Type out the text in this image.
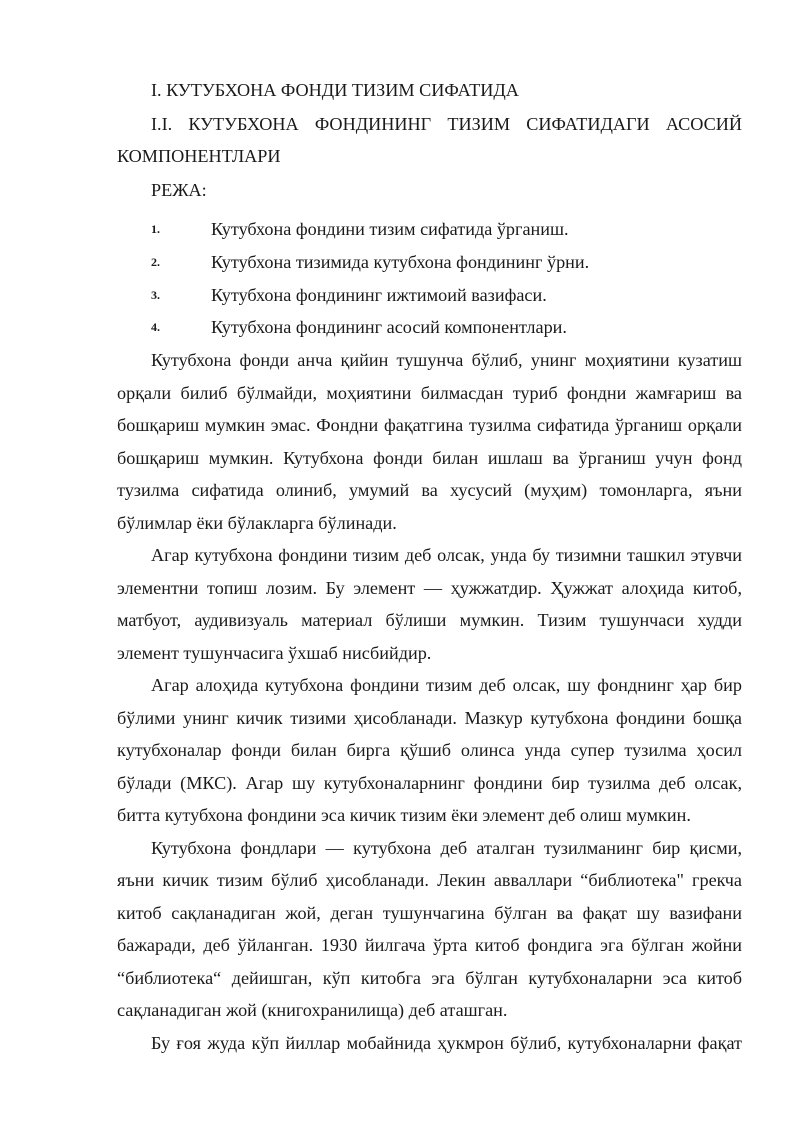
I. КУТУБХОНА ФОНДИ ТИЗИМ СИФАТИДА

I.I. КУТУБХОНА ФОНДИНИНГ ТИЗИМ СИФАТИДАГИ АСОСИЙ КОМПОНЕНТЛАРИ

РЕЖА:

1.	Кутубхона фондини тизим сифатида ўрганиш.
2.	Кутубхона тизимида кутубхона фондининг ўрни.
3.	Кутубхона фондининг ижтимоий вазифаси.
4.	Кутубхона фондининг асосий компонентлари.

Кутубхона фонди анча қийин тушунча бўлиб, унинг моҳиятини кузатиш орқали билиб бўлмайди, моҳиятини билмасдан туриб фондни жамғариш ва бошқариш мумкин эмас. Фондни фақатгина тузилма сифатида ўрганиш орқали бошқариш мумкин. Кутубхона фонди билан ишлаш ва ўрганиш учун фонд тузилма сифатида олиниб, умумий ва хусусий (муҳим) томонларга, яъни бўлимлар ёки бўлакларга бўлинади.

Агар кутубхона фондини тизим деб олсак, унда бу тизимни ташкил этувчи элементни топиш лозим. Бу элемент — ҳужжатдир. Ҳужжат алоҳида китоб, матбуот, аудивизуаль материал бўлиши мумкин. Тизим тушунчаси худди элемент тушунчасига ўхшаб нисбийдир.

Агар алоҳида кутубхона фондини тизим деб олсак, шу фонднинг ҳар бир бўлими унинг кичик тизими ҳисобланади. Мазкур кутубхона фондини бошқа кутубхоналар фонди билан бирга қўшиб олинса унда супер тузилма ҳосил бўлади (МКС). Агар шу кутубхоналарнинг фондини бир тузилма деб олсак, битта кутубхона фондини эса кичик тизим ёки элемент деб олиш мумкин.

Кутубхона фондлари — кутубхона деб аталган тузилманинг бир қисми, яъни кичик тизим бўлиб ҳисобланади. Лекин авваллари “библиотека" грекча китоб сақланадиган жой, деган тушунчагина бўлган ва фақат шу вазифани бажаради, деб ўйланган. 1930 йилгача ўрта китоб фондига эга бўлган жойни “библиотека“ дейишган, кўп китобга эга бўлган кутубхоналарни эса китоб сақланадиган жой (книгохранилища) деб аташган.

Бу ғоя жуда кўп йиллар мобайнида ҳукмрон бўлиб, кутубхоналарни фақат
